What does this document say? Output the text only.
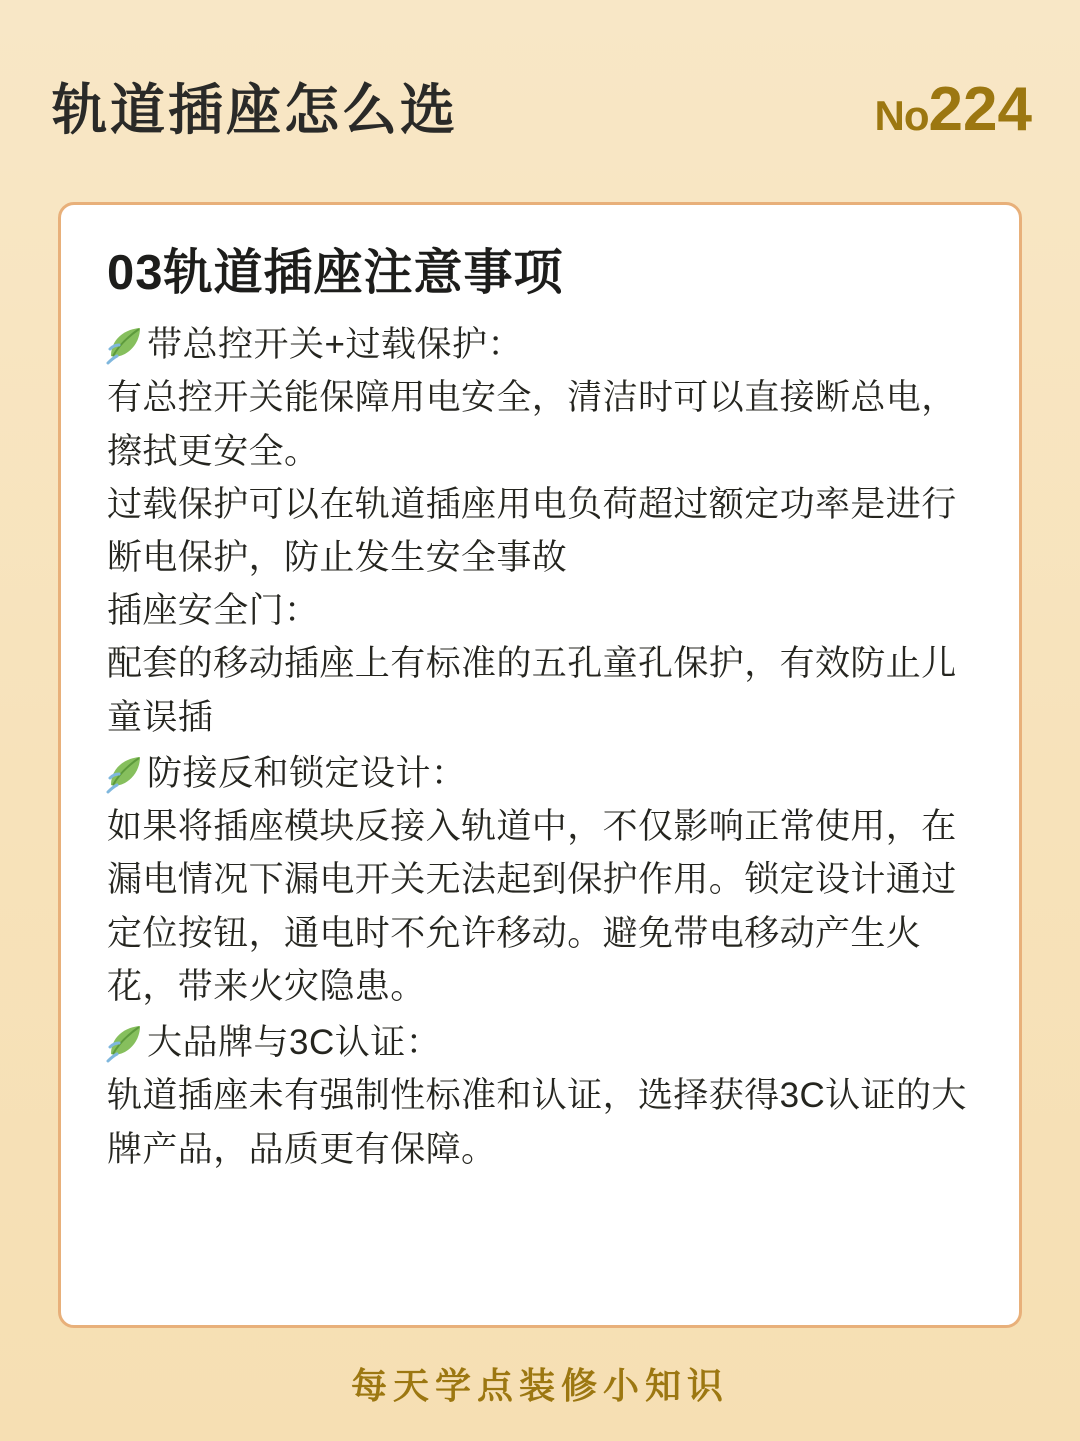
轨道插座怎么选	No 224
03轨道插座注意事项
带总控开关+过载保护：

有总控开关能保障用电安全，清洁时可以直接断总电，擦拭更安全。

过载保护可以在轨道插座用电负荷超过额定功率是进行断电保护，防止发生安全事故

插座安全门：

配套的移动插座上有标准的五孔童孔保护，有效防止儿童误插

防接反和锁定设计：

如果将插座模块反接入轨道中，不仅影响正常使用，在漏电情况下漏电开关无法起到保护作用。锁定设计通过定位按钮，通电时不允许移动。避免带电移动产生火花，带来火灾隐患。

大品牌与3C认证：

轨道插座未有强制性标准和认证，选择获得3C认证的大牌产品，品质更有保障。

每天学点装修小知识
